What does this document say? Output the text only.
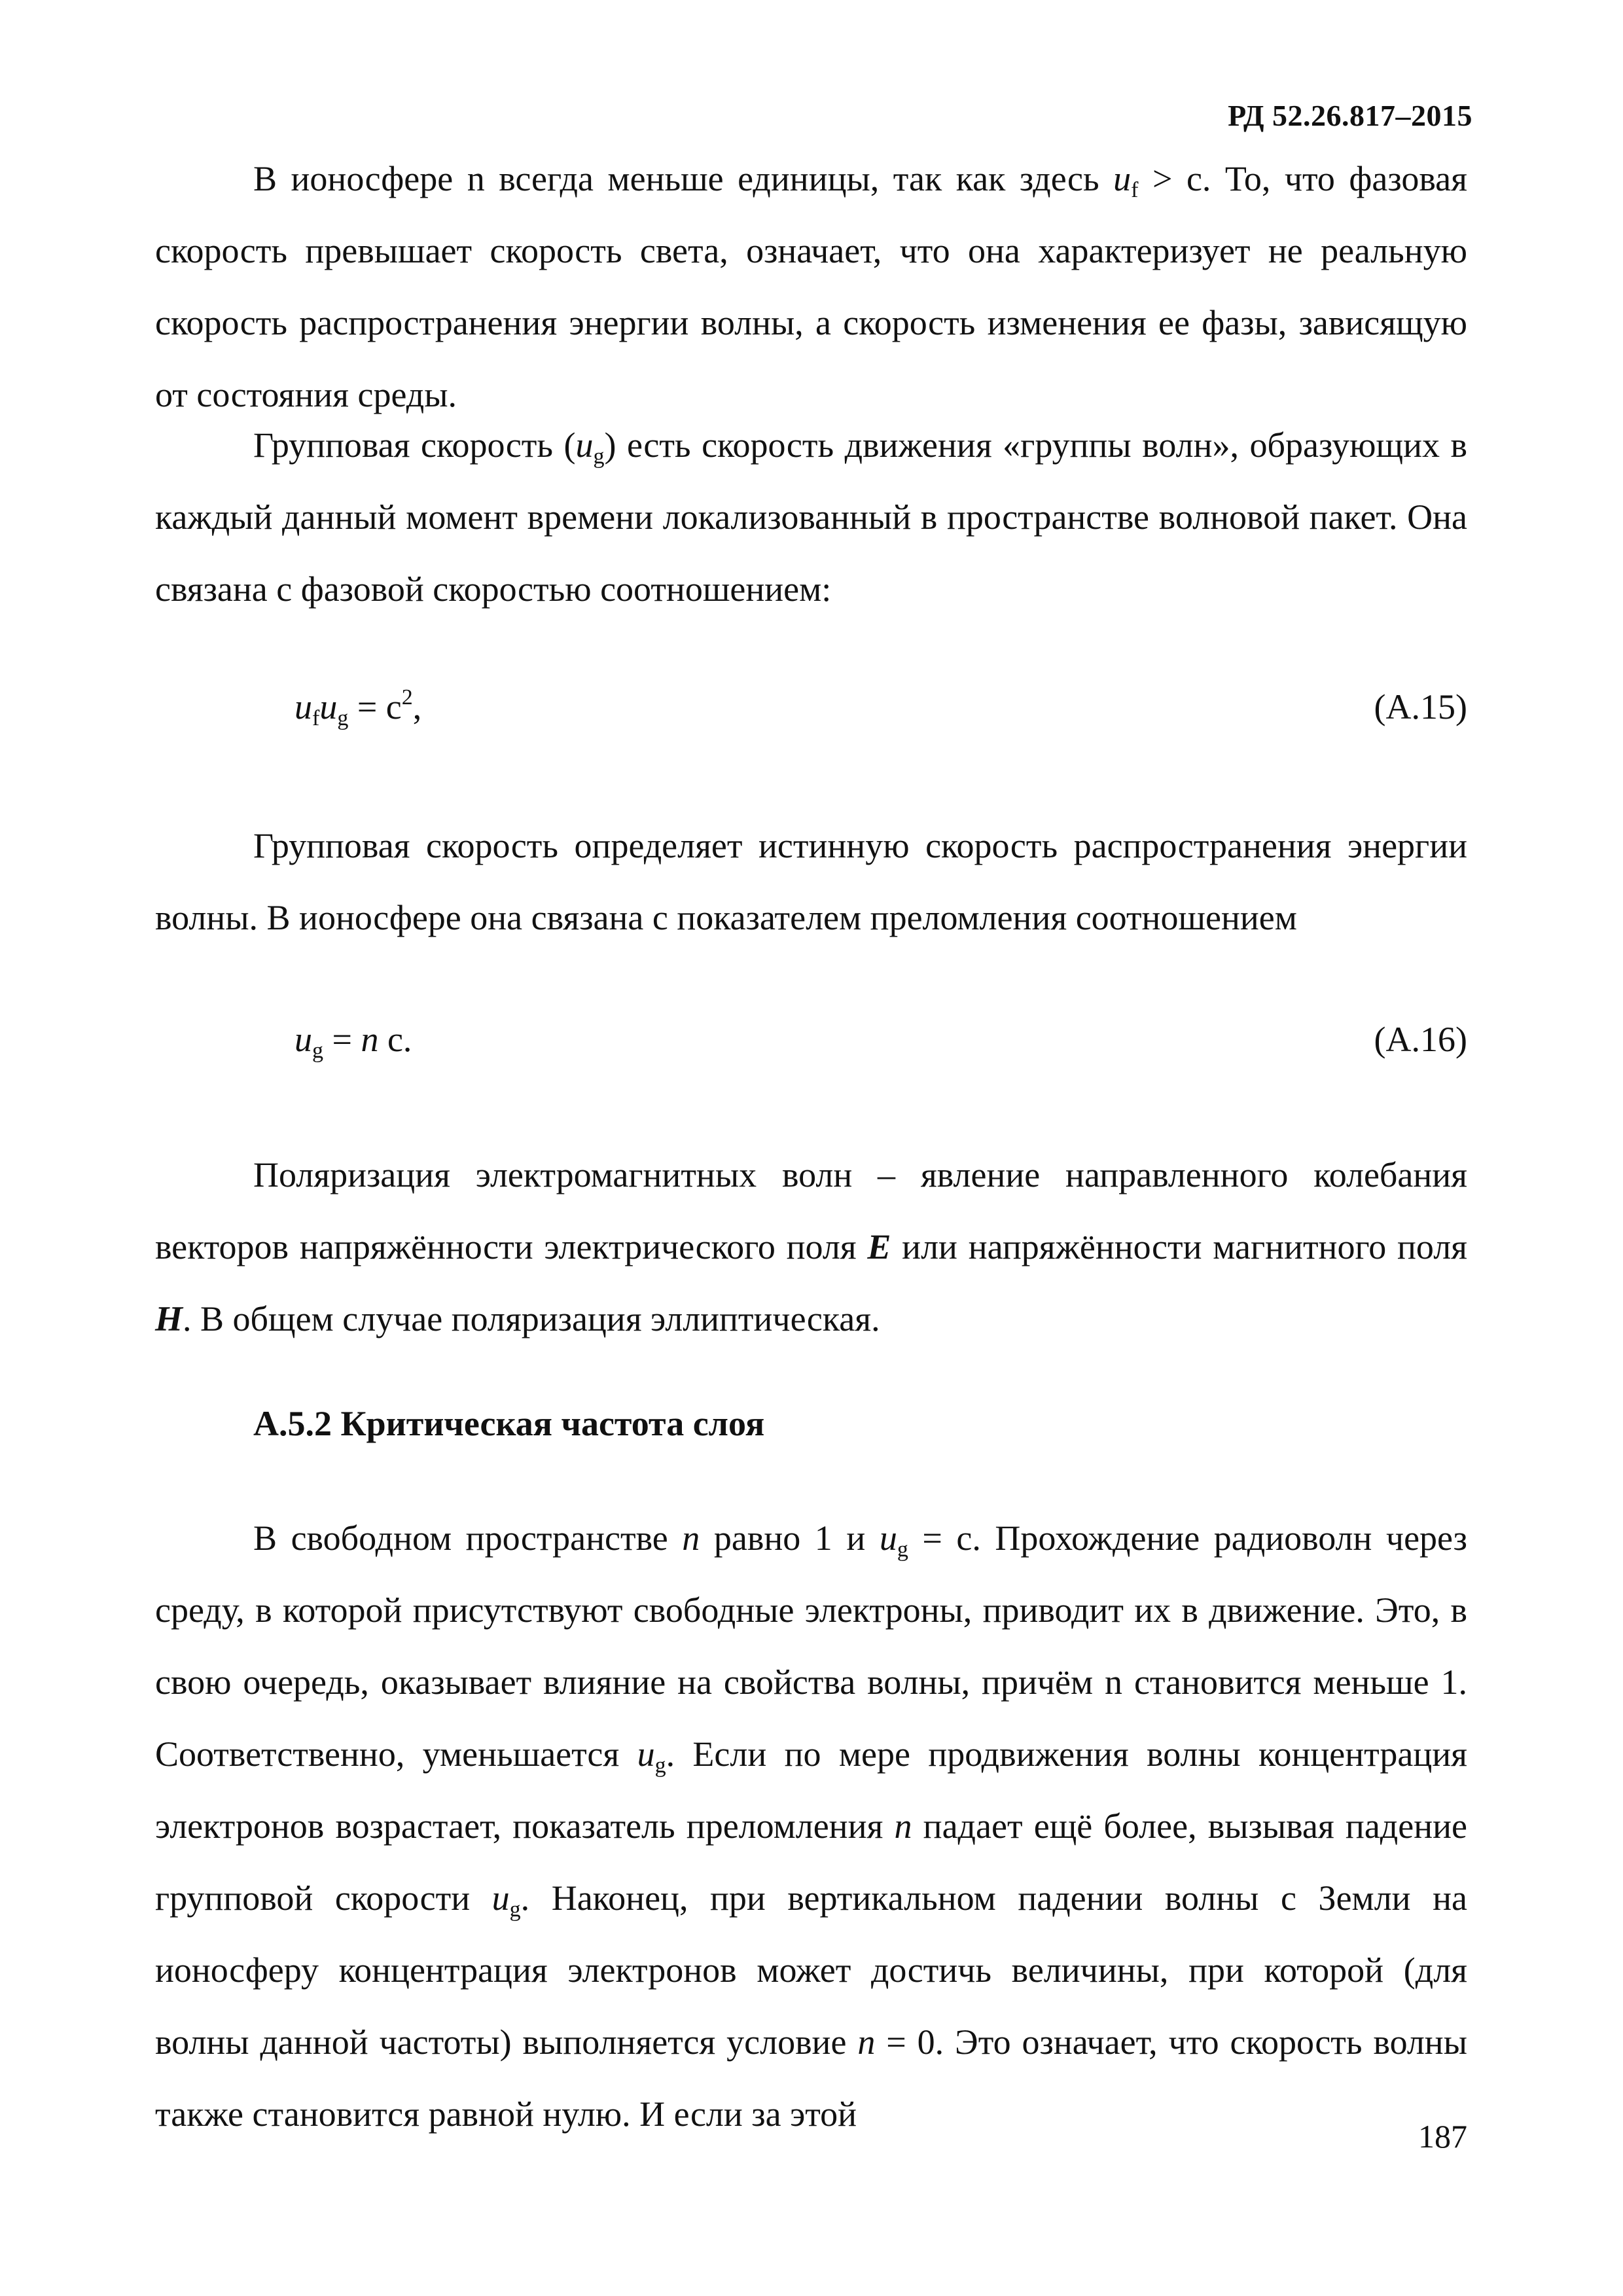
РД 52.26.817–2015

В ионосфере n всегда меньше единицы, так как здесь $u_f > c$. То, что фазовая скорость превышает скорость света, означает, что она характеризует не реальную скорость распространения энергии волны, а скорость изменения ее фазы, зависящую от состояния среды.

Групповая скорость $(u_g)$ есть скорость движения «группы волн», образующих в каждый данный момент времени локализованный в пространстве волновой пакет. Она связана с фазовой скоростью соотношением:

$u_fu_g = c^2$,	(A.15)

Групповая скорость определяет истинную скорость распространения энергии волны. В ионосфере она связана с показателем преломления соотношением

$u_g = n$ c.	(A.16)

Поляризация электромагнитных волн – явление направленного колебания векторов напряжённости электрического поля E или напряжённости магнитного поля H. В общем случае поляризация эллиптическая.

A.5.2 Критическая частота слоя

В свободном пространстве n равно 1 и $u_g = c$. Прохождение радиоволн через среду, в которой присутствуют свободные электроны, приводит их в движение. Это, в свою очередь, оказывает влияние на свойства волны, причём n становится меньше 1. Соответственно, уменьшается $u_g$. Если по мере продвижения волны концентрация электронов возрастает, показатель преломления n падает ещё более, вызывая падение групповой скорости $u_g$. Наконец, при вертикальном падении волны с Земли на ионосферу концентрация электронов может достичь величины, при которой (для волны данной частоты) выполняется условие n = 0. Это означает, что скорость волны также становится равной нулю. И если за этой

187
